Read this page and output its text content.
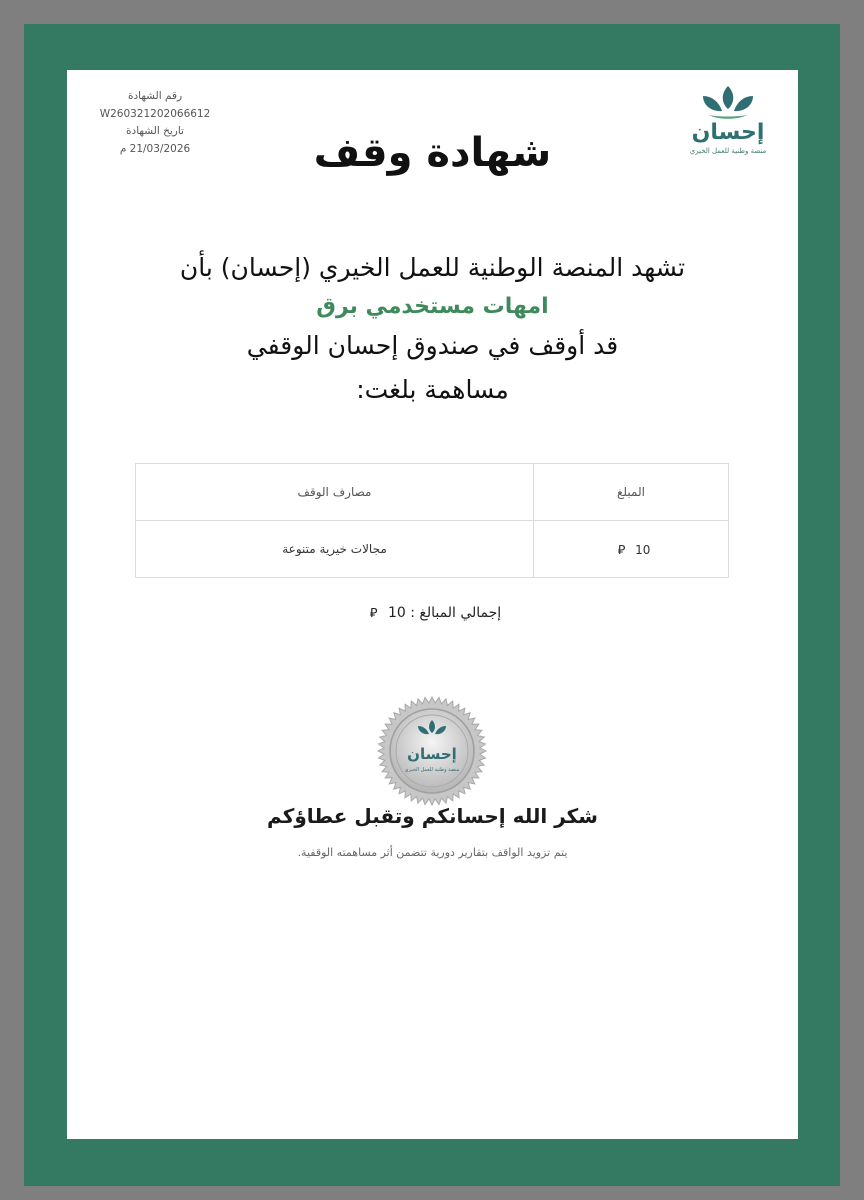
إحسان
منصة وطنية للعمل الخيري
رقم الشهادة
W260321202066612
تاريخ الشهادة
21/03/2026 م	شهادة وقف
تشهد المنصة الوطنية للعمل الخيري (إحسان) بأن
امهات مستخدمي برق
قد أوقف في صندوق إحسان الوقفي
مساهمة بلغت:
المبلغ	مصارف الوقف
10 ⃁	مجالات خيرية متنوعة
إجمالي المبالغ : 10 ⃁
إحسان
منصة وطنية للعمل الخيري
شكر الله إحسانكم وتقبل عطاؤكم
يتم تزويد الواقف بتقارير دورية تتضمن أثر مساهمته الوقفية.
